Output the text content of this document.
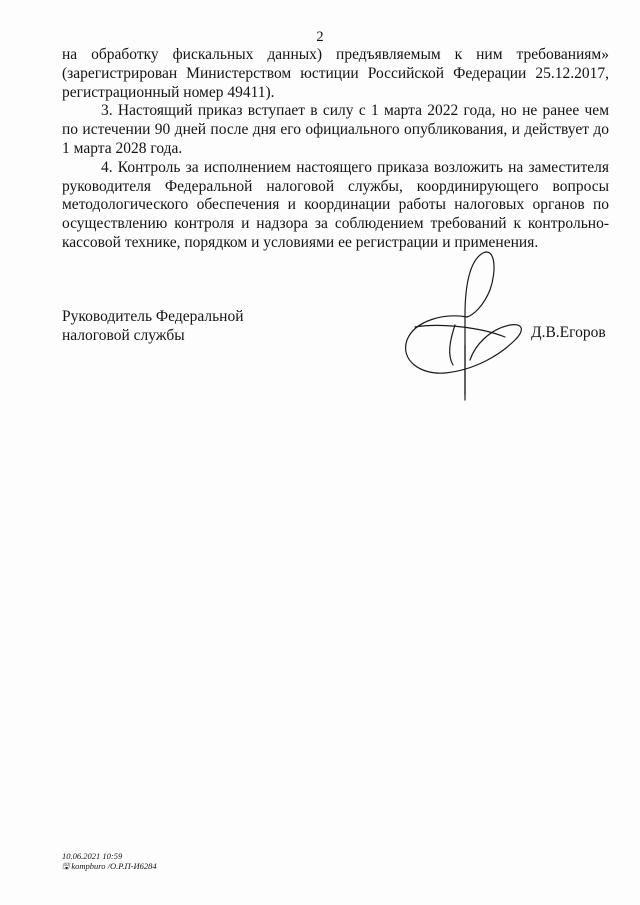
2

на обработку фискальных данных) предъявляемым к ним требованиям» (зарегистрирован Министерством юстиции Российской Федерации 25.12.2017, регистрационный номер 49411).

3. Настоящий приказ вступает в силу с 1 марта 2022 года, но не ранее чем по истечении 90 дней после дня его официального опубликования, и действует до 1 марта 2028 года.

4. Контроль за исполнением настоящего приказа возложить на заместителя руководителя Федеральной налоговой службы, координирующего вопросы методологического обеспечения и координации работы налоговых органов по осуществлению контроля и надзора за соблюдением требований к контрольно-кассовой технике, порядком и условиями ее регистрации и применения.

Руководитель Федеральной
налоговой службы	Д.В.Егоров
10.06.2021 10:59
🖫 kompburo /O.P.П-И6284
